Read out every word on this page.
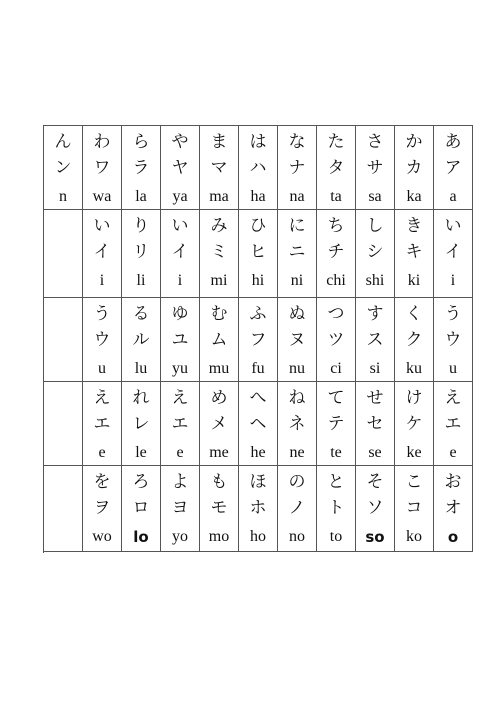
ん
ン
n
わ
ワ
wa
ら
ラ
la
や
ヤ
ya
ま
マ
ma
は
ハ
ha
な
ナ
na
た
タ
ta
さ
サ
sa
か
カ
ka
あ
ア
a
い
イ
i
り
リ
li
い
イ
i
み
ミ
mi
ひ
ヒ
hi
に
ニ
ni
ち
チ
chi
し
シ
shi
き
キ
ki
い
イ
i
う
ウ
u
る
ル
lu
ゆ
ユ
yu
む
ム
mu
ふ
フ
fu
ぬ
ヌ
nu
つ
ツ
ci
す
ス
si
く
ク
ku
う
ウ
u
え
エ
e
れ
レ
le
え
エ
e
め
メ
me
へ
ヘ
he
ね
ネ
ne
て
テ
te
せ
セ
se
け
ケ
ke
え
エ
e
を
ヲ
wo
ろ
ロ
lo
よ
ヨ
yo
も
モ
mo
ほ
ホ
ho
の
ノ
no
と
ト
to
そ
ソ
so
こ
コ
ko
お
オ
o
